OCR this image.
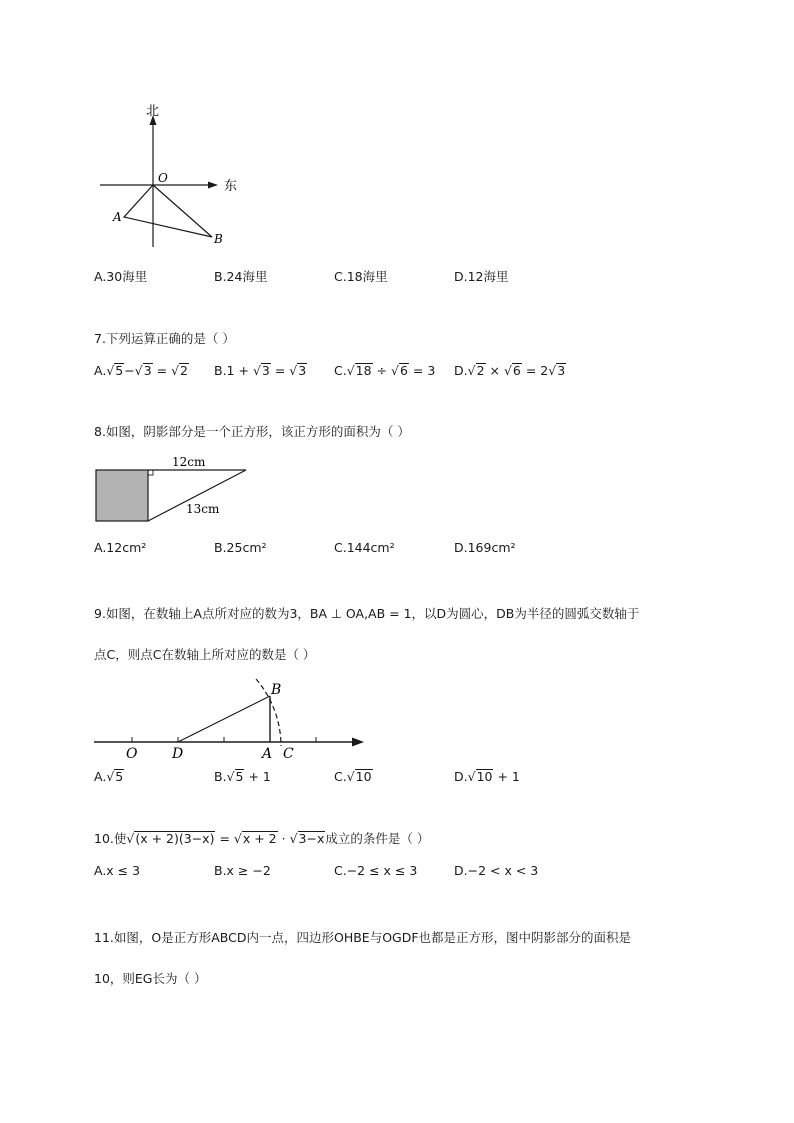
北
东
O
A
B
A.30海里	B.24海里	C.18海里	D.12海里
7.下列运算正确的是（ ）
A.√5−√3 = √2 B.1 + √3 = √3 C.√18 ÷ √6 = 3 D.√2 × √6 = 2√3
8.如图，阴影部分是一个正方形，该正方形的面积为（ ）
12cm
13cm
A.12cm²	B.25cm²	C.144cm²	D.169cm²
9.如图，在数轴上A点所对应的数为3，BA ⊥ OA,AB = 1，以D为圆心，DB为半径的圆弧交数轴于
点C，则点C在数轴上所对应的数是（ ）
O D	A C
B
A.√5	B.√5 + 1	C.√10	D.√10 + 1
10.使√(x + 2)(3−x) = √x + 2 · √3−x成立的条件是（ ）
A.x ≤ 3	B.x ≥ −2	C.−2 ≤ x ≤ 3	D.−2 < x < 3
11.如图，O是正方形ABCD内一点，四边形OHBE与OGDF也都是正方形，图中阴影部分的面积是
10，则EG长为（ ）
